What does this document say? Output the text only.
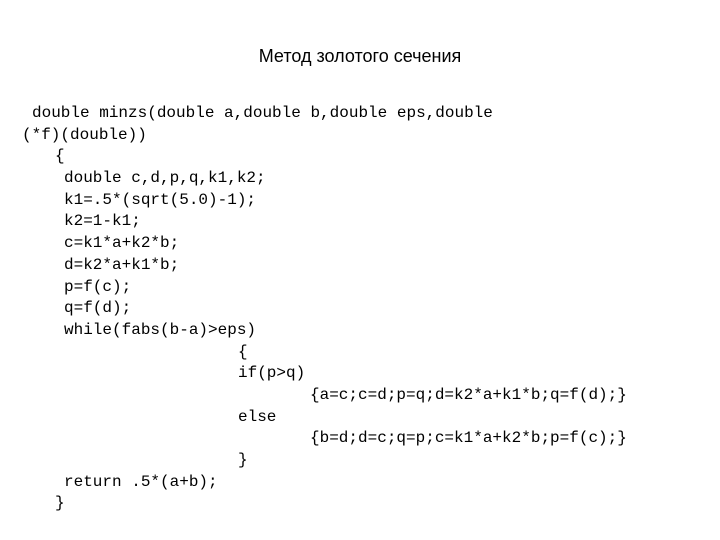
Метод золотого сечения
double minzs(double a,double b,double eps,double
(*f)(double))
{
double c,d,p,q,k1,k2;
k1=.5*(sqrt(5.0)-1);
k2=1-k1;
c=k1*a+k2*b;
d=k2*a+k1*b;
p=f(c);
q=f(d);
while(fabs(b-a)>eps)
{
if(p>q)
{a=c;c=d;p=q;d=k2*a+k1*b;q=f(d);}
else
{b=d;d=c;q=p;c=k1*a+k2*b;p=f(c);}
}
return .5*(a+b);
}
